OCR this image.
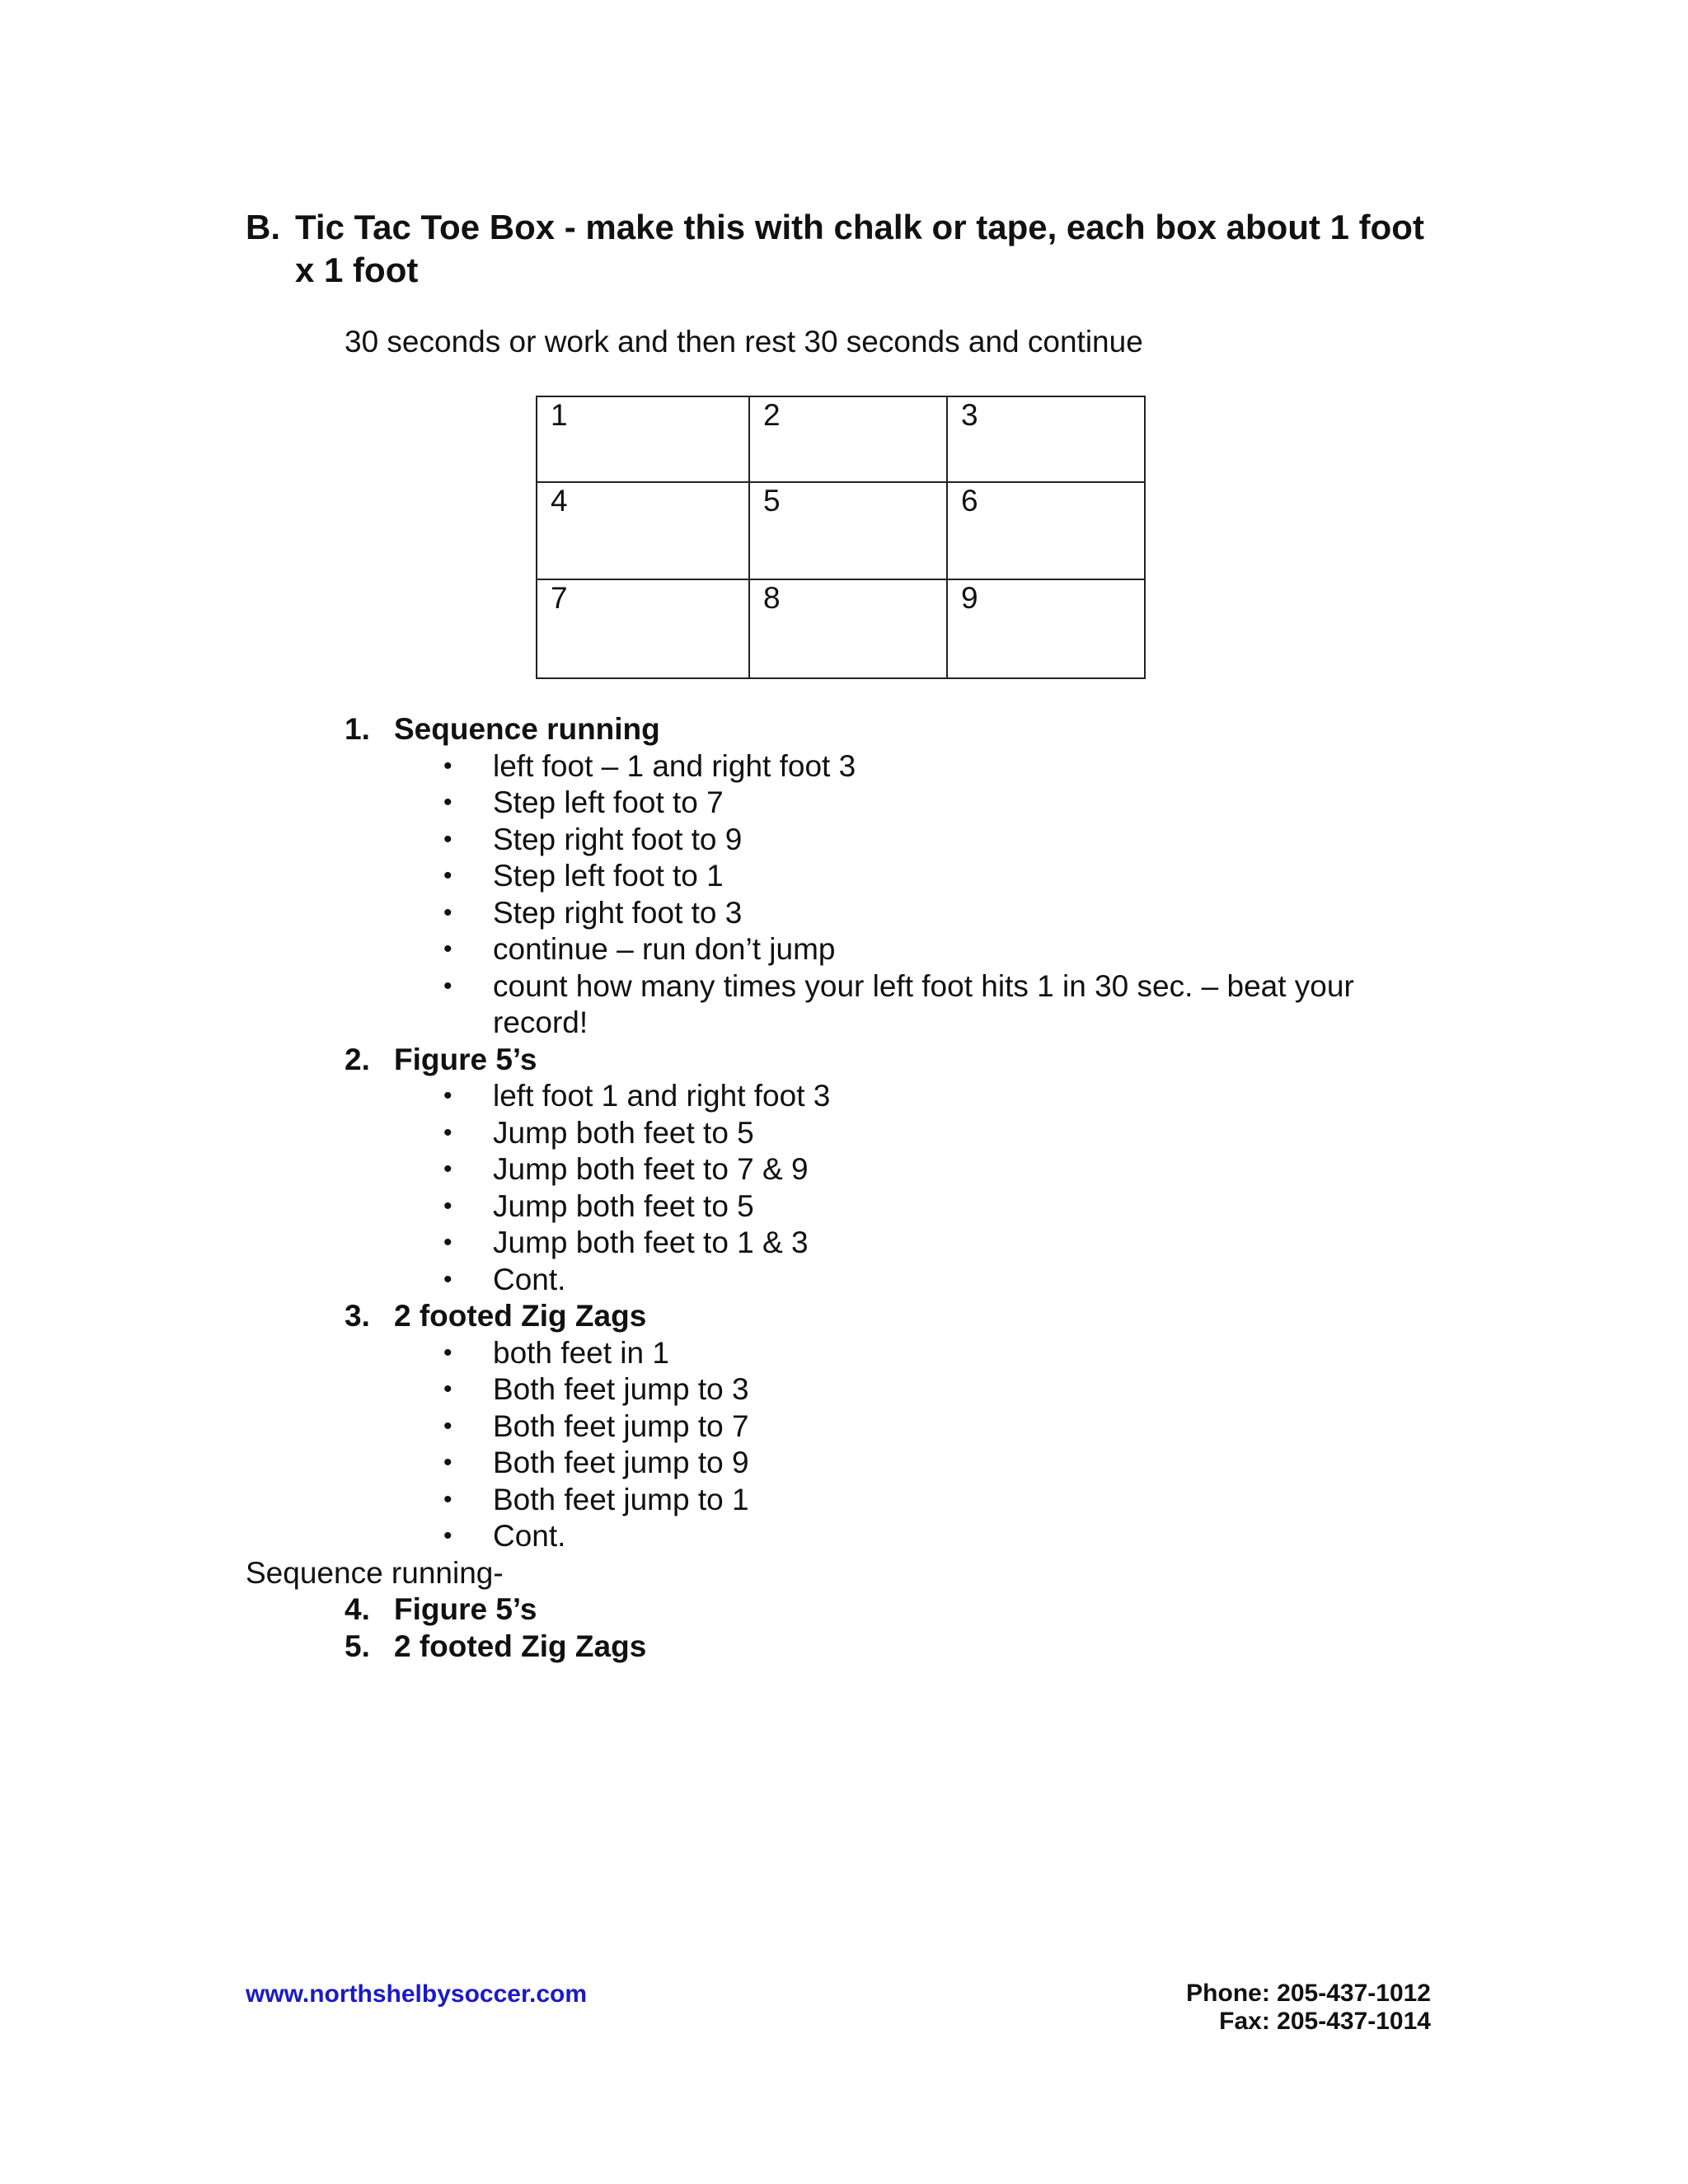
B. Tic Tac Toe Box - make this with chalk or tape, each box about 1 foot x 1 foot
30 seconds or work and then rest 30 seconds and continue
1	2	3
4	5	6
7	8	9
1. Sequence running
•	left foot – 1 and right foot 3
•	Step left foot to 7
•	Step right foot to 9
•	Step left foot to 1
•	Step right foot to 3
•	continue – run don’t jump
•	count how many times your left foot hits 1 in 30 sec. – beat your record!
2. Figure 5’s
•	left foot 1 and right foot 3
•	Jump both feet to 5
•	Jump both feet to 7 & 9
•	Jump both feet to 5
•	Jump both feet to 1 & 3
•	Cont.
3. 2 footed Zig Zags
•	both feet in 1
•	Both feet jump to 3
•	Both feet jump to 7
•	Both feet jump to 9
•	Both feet jump to 1
•	Cont.
Sequence running-
4. Figure 5’s
5. 2 footed Zig Zags
www.northshelbysoccer.com	Phone: 205-437-1012
Fax: 205-437-1014
